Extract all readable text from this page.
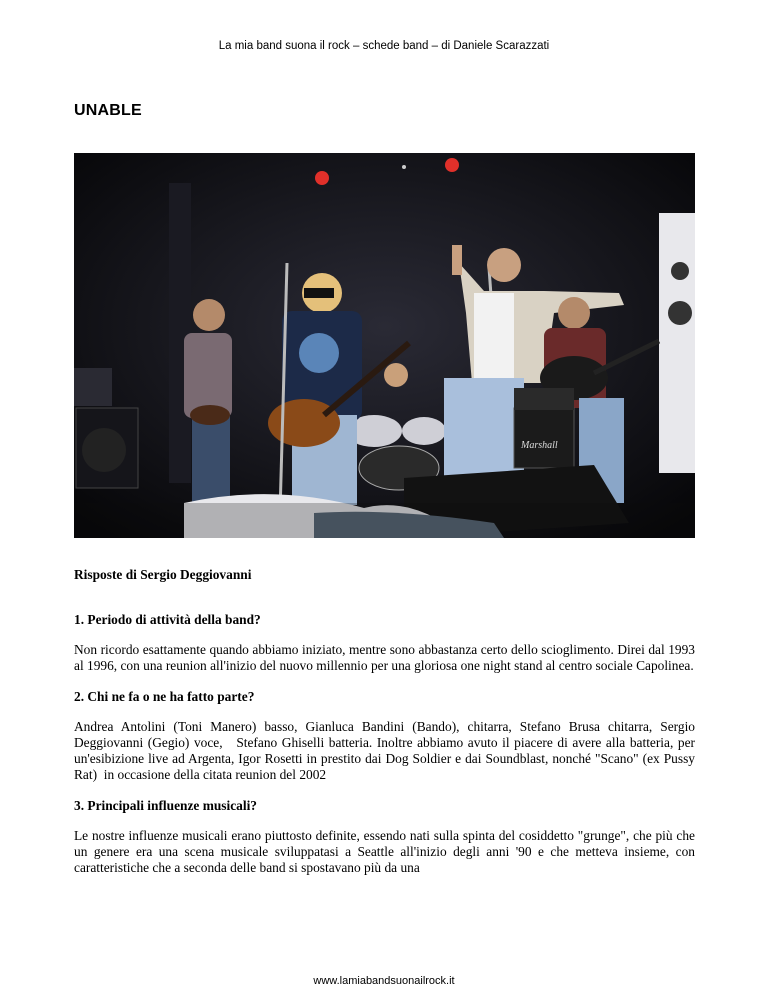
La mia band suona il rock – schede band – di Daniele Scarazzati
UNABLE
Marshall

Risposte di Sergio Deggiovanni

1. Periodo di attività della band?

Non ricordo esattamente quando abbiamo iniziato, mentre sono abbastanza certo dello scioglimento. Direi dal 1993 al 1996, con una reunion all'inizio del nuovo millennio per una gloriosa one night stand al centro sociale Capolinea.

2. Chi ne fa o ne ha fatto parte?

Andrea Antolini (Toni Manero) basso, Gianluca Bandini (Bando), chitarra, Stefano Brusa chitarra, Sergio Deggiovanni (Gegio) voce,   Stefano Ghiselli batteria. Inoltre abbiamo avuto il piacere di avere alla batteria, per un'esibizione live ad Argenta, Igor Rosetti in prestito dai Dog Soldier e dai Soundblast, nonché "Scano" (ex Pussy Rat)  in occasione della citata reunion del 2002

3. Principali influenze musicali?

Le nostre influenze musicali erano piuttosto definite, essendo nati sulla spinta del cosiddetto "grunge", che più che un genere era una scena musicale sviluppatasi a Seattle all'inizio degli anni '90 e che metteva insieme, con caratteristiche che a seconda delle band si spostavano più da una

www.lamiabandsuonailrock.it
